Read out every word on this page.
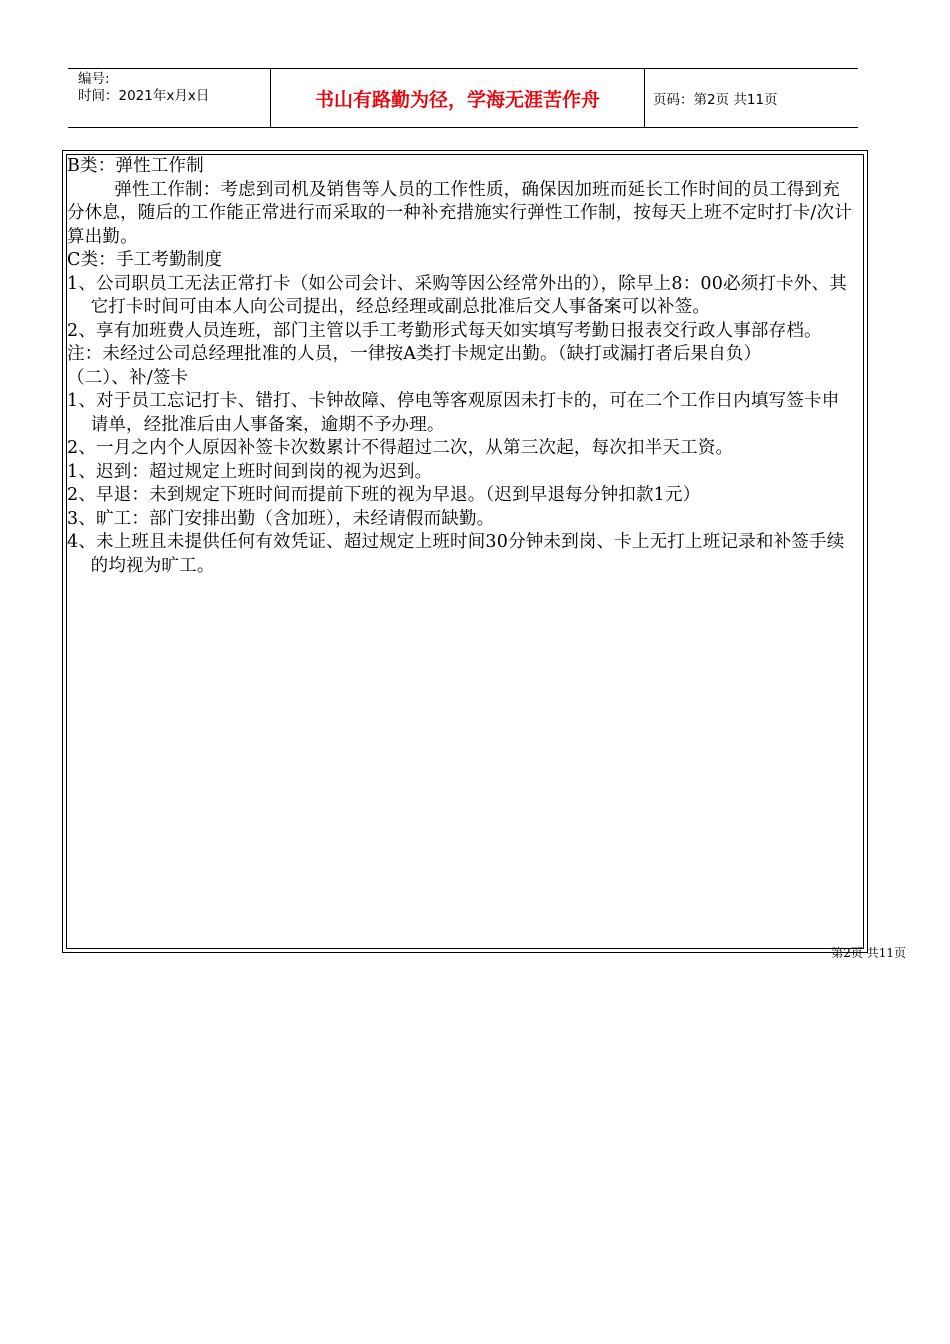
编号:
时间：2021年x月x日	书山有路勤为径，学海无涯苦作舟	页码：第2页 共11页

B类：弹性工作制

弹性工作制：考虑到司机及销售等人员的工作性质，确保因加班而延长工作时间的员工得到充分休息，随后的工作能正常进行而采取的一种补充措施实行弹性工作制，按每天上班不定时打卡/次计算出勤。

C类：手工考勤制度

1、公司职员工无法正常打卡（如公司会计、采购等因公经常外出的），除早上8：00必须打卡外、其它打卡时间可由本人向公司提出，经总经理或副总批准后交人事备案可以补签。

2、享有加班费人员连班，部门主管以手工考勤形式每天如实填写考勤日报表交行政人事部存档。

注：未经过公司总经理批准的人员，一律按A类打卡规定出勤。（缺打或漏打者后果自负）

（二）、补/签卡

1、对于员工忘记打卡、错打、卡钟故障、停电等客观原因未打卡的，可在二个工作日内填写签卡申请单，经批准后由人事备案，逾期不予办理。

2、一月之内个人原因补签卡次数累计不得超过二次，从第三次起，每次扣半天工资。

1、迟到：超过规定上班时间到岗的视为迟到。

2、早退：未到规定下班时间而提前下班的视为早退。（迟到早退每分钟扣款1元）

3、旷工：部门安排出勤（含加班），未经请假而缺勤。

4、未上班且未提供任何有效凭证、超过规定上班时间30分钟未到岗、卡上无打上班记录和补签手续的均视为旷工。

第2页 共11页
